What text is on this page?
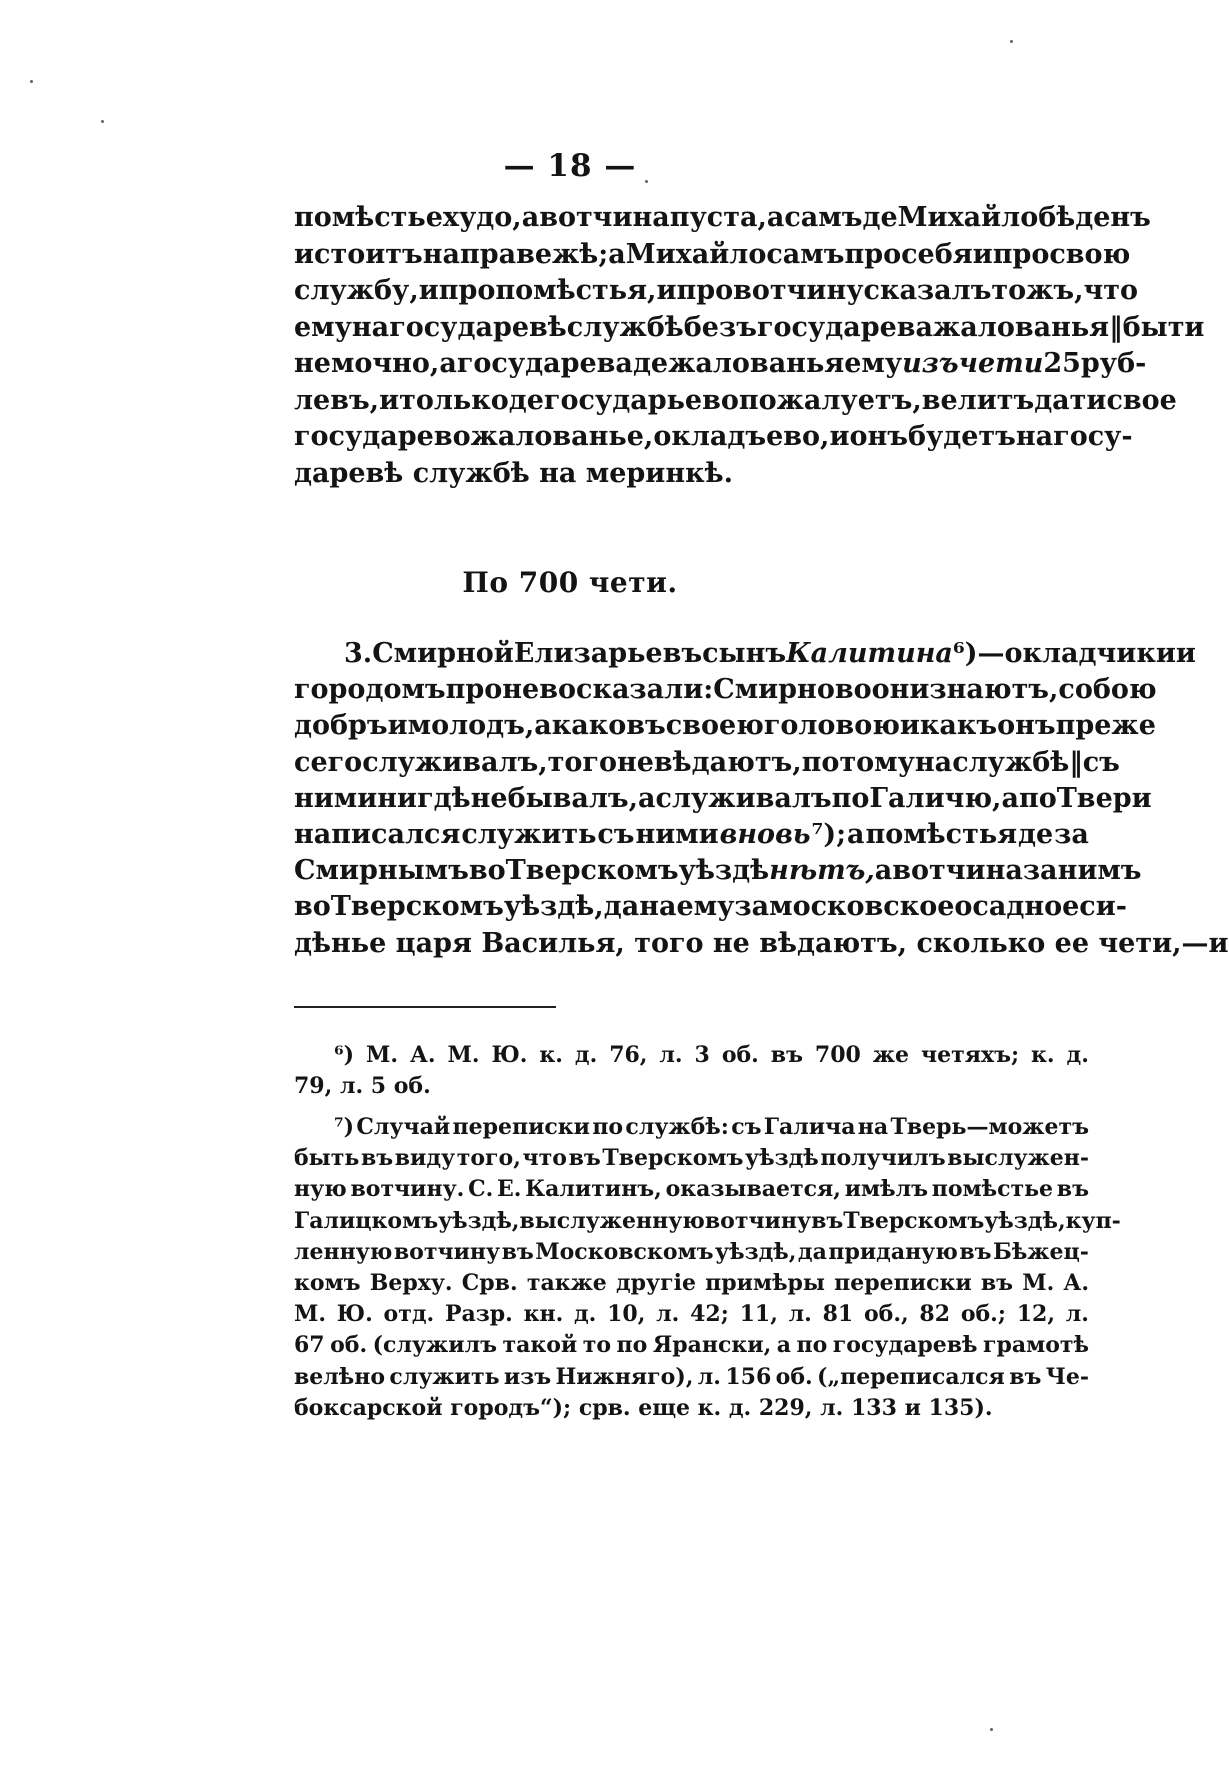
— 18 —
помѣстье худо, а вотчина пуста, а самъ де Михайло бѣденъ
и стоитъ на правежѣ; а Михайло самъ про себя и про свою
службу, и про помѣстья, и про вотчину сказалъ тожъ, что
ему на государевѣ службѣ безъ государева жалованья‖быти
немочно, а государева де жалованья ему изъ чети 25 руб-
левъ, и только де государь ево пожалуетъ, велитъ дати свое
государево жалованье, окладъ ево, и онъ будетъ на госу-
даревѣ службѣ на меринкѣ.
По 700 чети.
3. Смирной Елизарьевъ сынъ Калитина ⁶)—окладчики и
городомъ про нево сказали: Смирново они знаютъ, собою
добръ и молодъ, а каковъ своею головою и какъ онъ преже
сего служивалъ, того не вѣдаютъ, потому на службѣ ‖ съ
ними нигдѣ не бывалъ, а служивалъ по Галичю, а по Твери
написался служить съ ними вновь ⁷); а помѣстья де за
Смирнымъ во Тверскомъ уѣздѣ нѣтъ, а вотчина за нимъ
во Тверскомъ уѣздѣ, дана ему за московское осадное си-
дѣнье царя Василья, того не вѣдаютъ, сколько ее чети,—и
⁶) М. А. М. Ю. к. д. 76, л. 3 об. въ 700 же четяхъ; к. д.
79, л. 5 об.
⁷) Случай переписки по службѣ: съ Галича на Тверь—можетъ
быть въ виду того, что въ Тверскомъ уѣздѣ получилъ выслужен-
ную вотчину. С. Е. Калитинъ, оказывается, имѣлъ помѣстье въ
Галицкомъ уѣздѣ, выслуженную вотчину въ Тверскомъ уѣздѣ, куп-
ленную вотчину въ Московскомъ уѣздѣ, да приданую въ Бѣжец-
комъ Верху. Срв. также другіе примѣры переписки въ М. А.
М. Ю. отд. Разр. кн. д. 10, л. 42; 11, л. 81 об., 82 об.; 12, л.
67 об. (служилъ такой то по Ярански, а по государевѣ грамотѣ
велѣно служить изъ Нижняго), л. 156 об. („переписался въ Че-
боксарской городъ“); срв. еще к. д. 229, л. 133 и 135).
